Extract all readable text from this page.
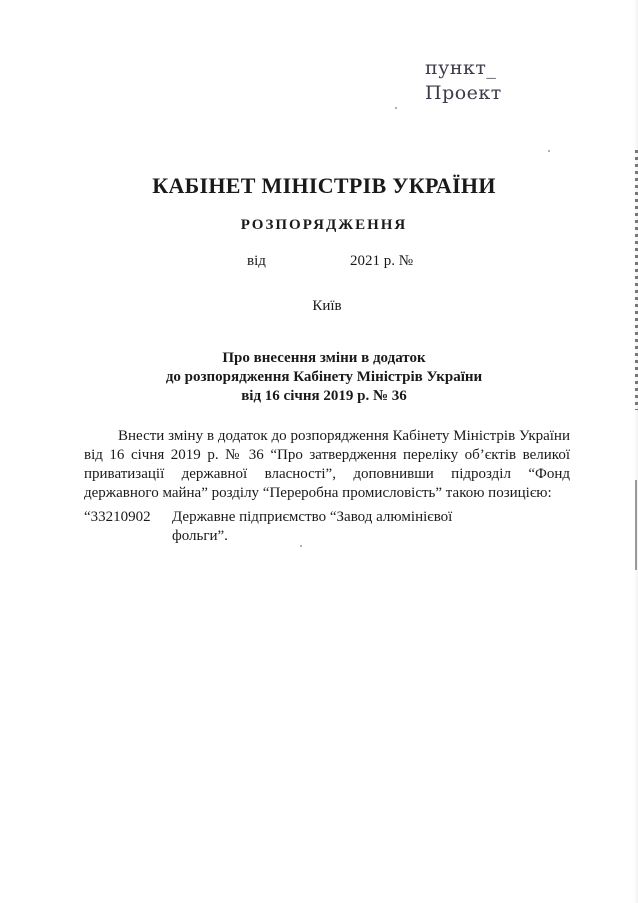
пункт_
Проект
КАБІНЕТ МІНІСТРІВ УКРАЇНИ
РОЗПОРЯДЖЕННЯ
від	2021 р. №
Київ
Про внесення зміни в додаток
до розпорядження Кабінету Міністрів України
від 16 січня 2019 р. № 36

Внести зміну в додаток до розпорядження Кабінету Міністрів України від 16 січня 2019 р. № 36 “Про затвердження переліку об’єктів великої приватизації державної власності”, доповнивши підрозділ “Фонд державного майна” розділу “Переробна промисловість” такою позицією:

“33210902 Державне підприємство “Завод алюмінієвої фольги”.
